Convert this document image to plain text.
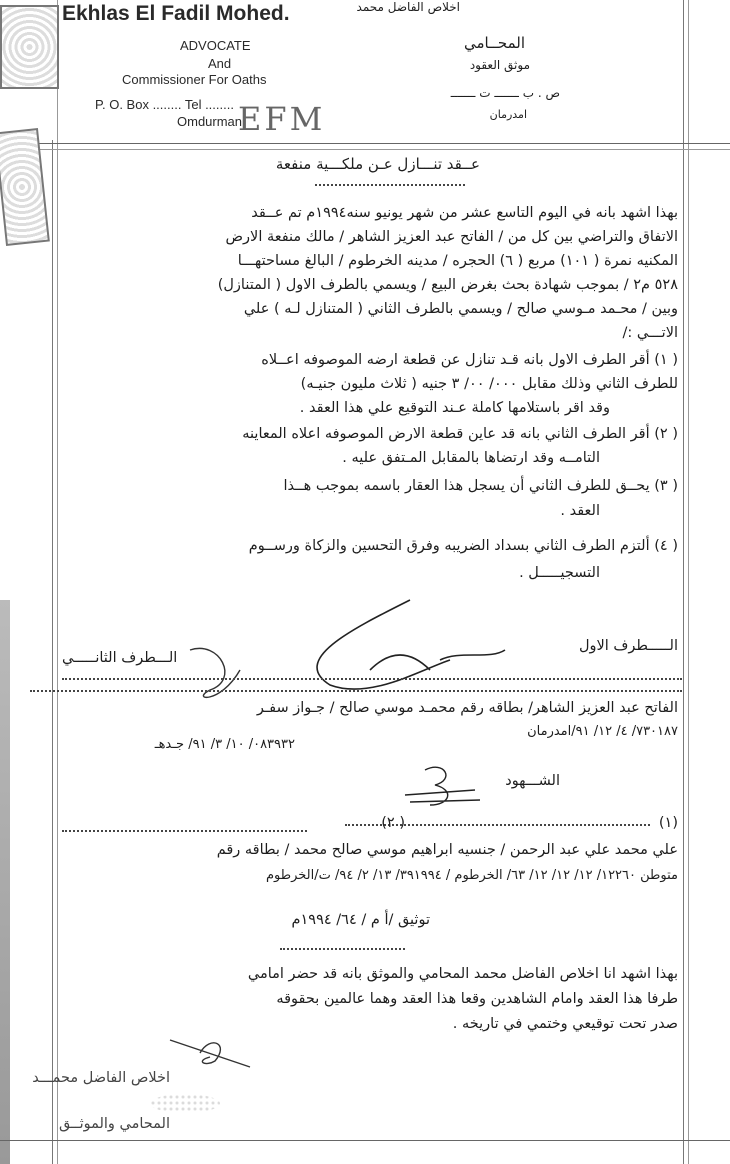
Ekhlas El Fadil Mohed.
ADVOCATE
And
Commissioner For Oaths
P. O. Box ........ Tel ........
Omdurman
EFM
اخلاص الفاضل محمد
المحــامي
موثق العقود
ص . ب ـــــــ ت ـــــــ
امدرمان
عــقد تنـــازل عـن ملكـــية منفعة
بهذا اشهد بانه في اليوم التاسع عشر من شهر يونيو سنه١٩٩٤م تم عــقد
الاتفاق والتراضي بين كل من / الفاتح عبد العزيز الشاهر / مالك منفعة الارض
المكنيه نمرة ( ١٠١) مربع ( ٦) الحجره / مدينه الخرطوم / البالغ مساحتهـــا
٥٢٨ م٢ / بموجب شهادة بحث بغرض البيع / ويسمي بالطرف الاول ( المتنازل)
وبين / محـمد مـوسي صالح / ويسمي بالطرف الثاني ( المتنازل لـه ) علي
الاتـــي :/
( ١) أقر الطرف الاول بانه قـد تنازل عن قطعة ارضه الموصوفه اعــلاه
للطرف الثاني وذلك مقابل ٠٠٠/ ٠٠/ ٣ جنيه ( ثلاث مليون جنيـه)
وقد اقر باستلامها كاملة عـند التوقيع علي هذا العقد .
( ٢) أقر الطرف الثاني بانه قد عاين قطعة الارض الموصوفه اعلاه المعاينه
التامــه وقد ارتضاها بالمقابل المـتفق عليه .
( ٣) يحــق للطرف الثاني أن يسجل هذا العقار باسمه بموجب هــذا
العقد .
( ٤) ألتزم الطرف الثاني بسداد الضريبه وفرق التحسين والزكاة ورســوم
التسجيـــــل .
الـــــطرف الاول
الـــطرف الثانـــــي
الفاتح عبد العزيز الشاهر/ بطاقه رقم محمـد موسي صالح / جـواز سفـر
٧٣٠١٨٧/ ٤/ ١٢/ ٩١/امدرمان
٠٨٣٩٣٢/ ١٠/ ٣/ ٩١/ جـدهـ
الشـــهود
(١)
( ٢)
علي محمد علي عبد الرحمن / جنسيه ابراهيم موسي صالح محمد / بطاقه رقم
متوطن ١٢٢٦٠/ ١٢/ ١٢/ ١٢/ ٦٣/ الخرطوم / ٣٩١٩٩٤/ ١٣/ ٢/ ٩٤/ ت/الخرطوم
توثيق /أ م / ٦٤/ ١٩٩٤م
بهذا اشهد انا اخلاص الفاضل محمد المحامي والموثق بانه قد حضر امامي
طرفا هذا العقد وامام الشاهدين وقعا هذا العقد وهما عالمين بحقوقه
صدر تحت توقيعي وختمي في تاريخه .
اخلاص الفاضل محمـــد
المحامي والموثــق
